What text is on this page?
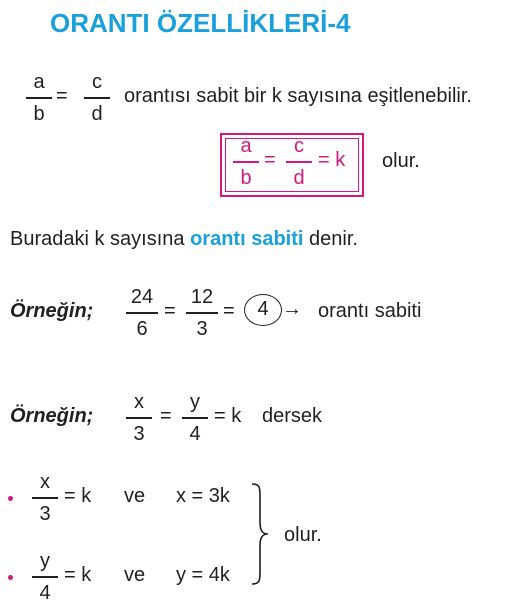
ORANTI ÖZELLİKLERİ-4
a
b
=
c
d
orantısı sabit bir k sayısına eşitlenebilir.
a
b
=
c
d
= k olur.
Buradaki k sayısına orantı sabiti denir.
Örneğin;
24
6
=
12
3
=	4 → orantı sabiti
Örneğin;
x
3
=
y
4
= k dersek
x
3
= k ve x = 3k
y
4
= k ve y = 4k
olur.
